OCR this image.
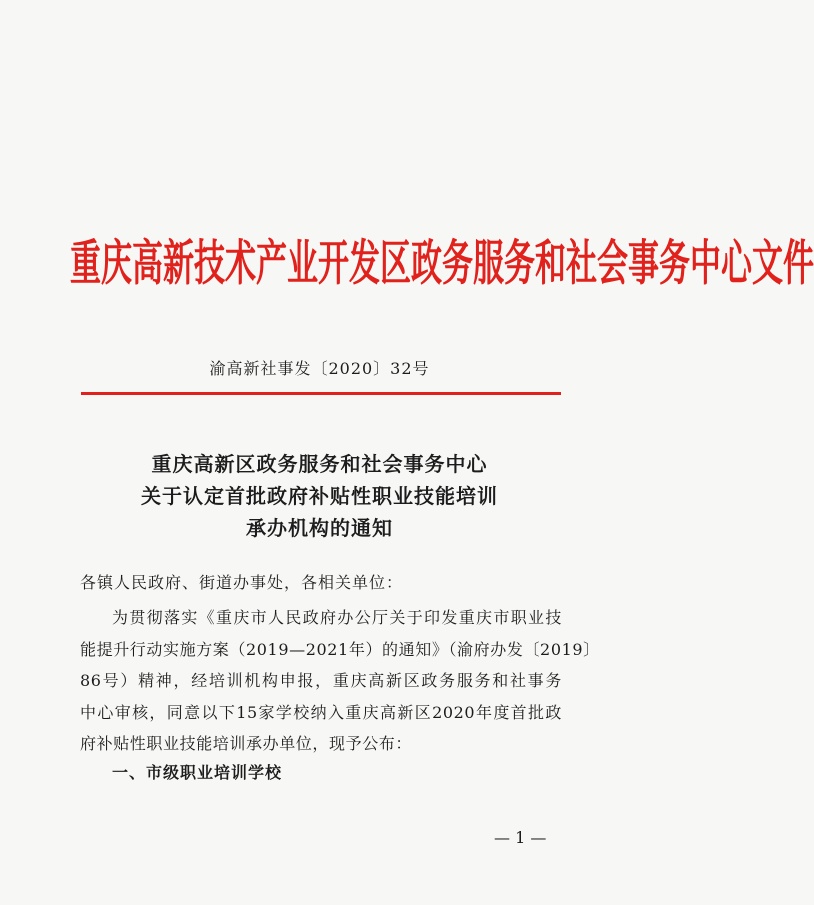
重庆高新技术产业开发区政务服务和社会事务中心文件
渝高新社事发〔2020〕32号
重庆高新区政务服务和社会事务中心
关于认定首批政府补贴性职业技能培训
承办机构的通知
各镇人民政府、街道办事处，各相关单位：
为贯彻落实《重庆市人民政府办公厅关于印发重庆市职业技
能提升行动实施方案（2019—2021年）的通知》（渝府办发〔2019〕
86号）精神，经培训机构申报，重庆高新区政务服务和社事务
中心审核，同意以下15家学校纳入重庆高新区2020年度首批政
府补贴性职业技能培训承办单位，现予公布：
一、市级职业培训学校
— 1 —
